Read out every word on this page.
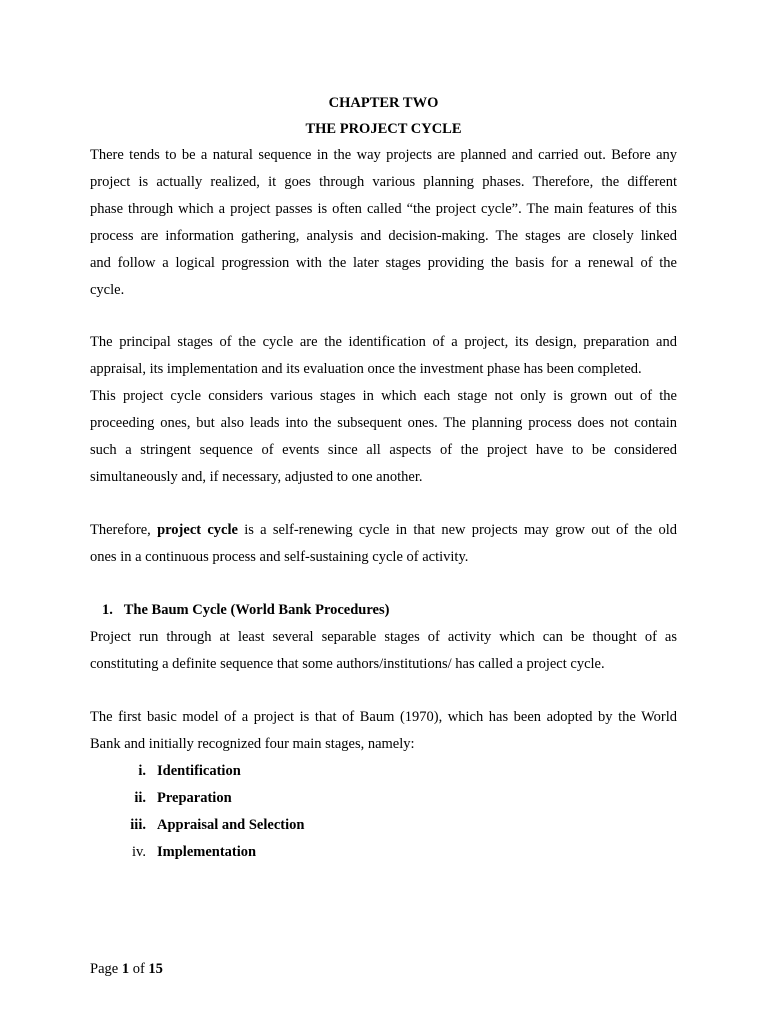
CHAPTER TWO
THE PROJECT CYCLE
There tends to be a natural sequence in the way projects are planned and carried out. Before any
project is actually realized, it goes through various planning phases. Therefore, the different
phase through which a project passes is often called “the project cycle”. The main features of this
process are information gathering, analysis and decision-making. The stages are closely linked
and follow a logical progression with the later stages providing the basis for a renewal of the
cycle.
The principal stages of the cycle are the identification of a project, its design, preparation and
appraisal, its implementation and its evaluation once the investment phase has been completed.
This project cycle considers various stages in which each stage not only is grown out of the
proceeding ones, but also leads into the subsequent ones. The planning process does not contain
such a stringent sequence of events since all aspects of the project have to be considered
simultaneously and, if necessary, adjusted to one another.
Therefore, project cycle is a self-renewing cycle in that new projects may grow out of the old
ones in a continuous process and self-sustaining cycle of activity.
1. The Baum Cycle (World Bank Procedures)
Project run through at least several separable stages of activity which can be thought of as
constituting a definite sequence that some authors/institutions/ has called a project cycle.
The first basic model of a project is that of Baum (1970), which has been adopted by the World
Bank and initially recognized four main stages, namely:
i. Identification
ii. Preparation
iii. Appraisal and Selection
iv. Implementation
Page 1 of 15
